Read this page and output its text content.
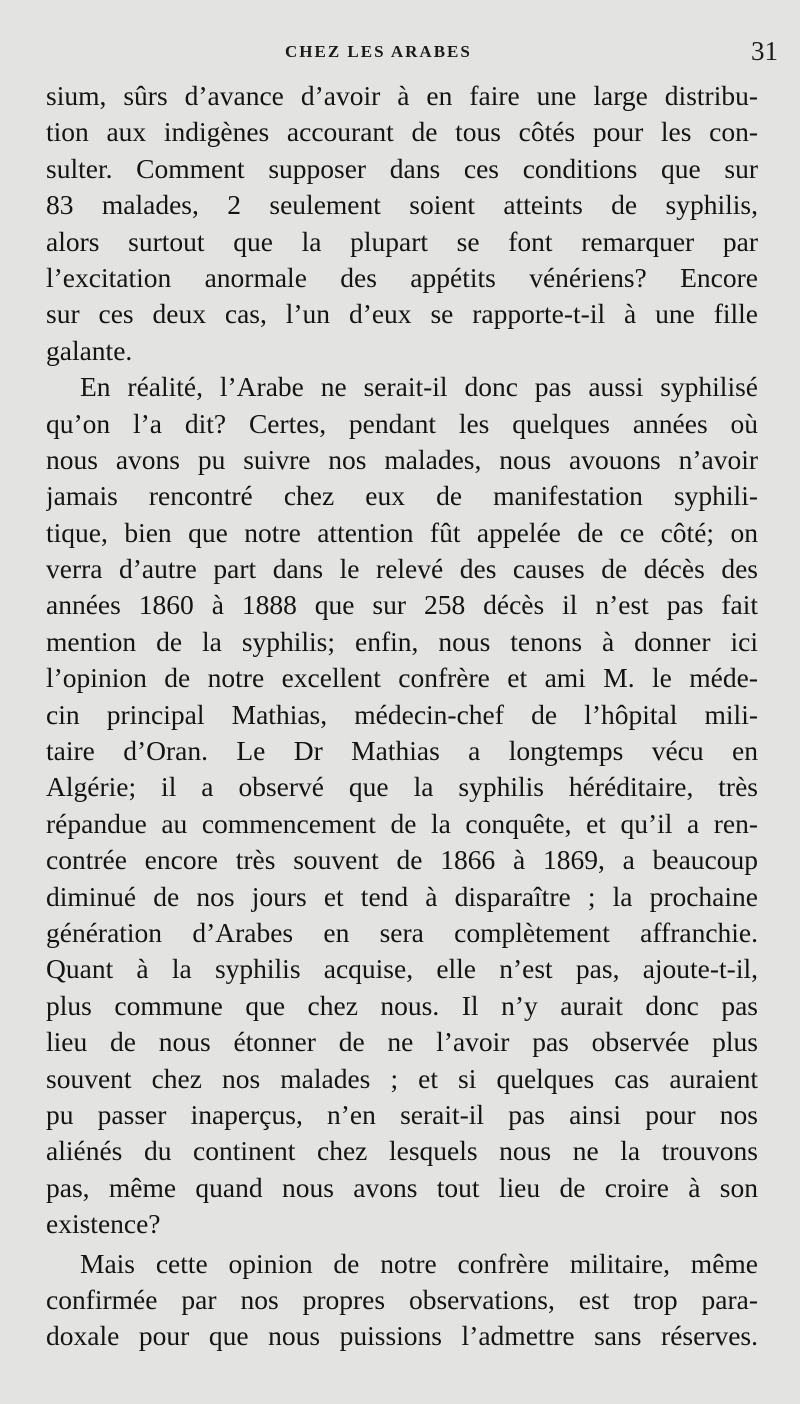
CHEZ LES ARABES	31
sium, sûrs d’avance d’avoir à en faire une large distribu-
tion aux indigènes accourant de tous côtés pour les con-
sulter. Comment supposer dans ces conditions que sur
83 malades, 2 seulement soient atteints de syphilis,
alors surtout que la plupart se font remarquer par
l’excitation anormale des appétits vénériens? Encore
sur ces deux cas, l’un d’eux se rapporte-t-il à une fille
galante.
En réalité, l’Arabe ne serait-il donc pas aussi syphilisé
qu’on l’a dit? Certes, pendant les quelques années où
nous avons pu suivre nos malades, nous avouons n’avoir
jamais rencontré chez eux de manifestation syphili-
tique, bien que notre attention fût appelée de ce côté; on
verra d’autre part dans le relevé des causes de décès des
années 1860 à 1888 que sur 258 décès il n’est pas fait
mention de la syphilis; enfin, nous tenons à donner ici
l’opinion de notre excellent confrère et ami M. le méde-
cin principal Mathias, médecin-chef de l’hôpital mili-
taire d’Oran. Le Dr Mathias a longtemps vécu en
Algérie; il a observé que la syphilis héréditaire, très
répandue au commencement de la conquête, et qu’il a ren-
contrée encore très souvent de 1866 à 1869, a beaucoup
diminué de nos jours et tend à disparaître ; la prochaine
génération d’Arabes en sera complètement affranchie.
Quant à la syphilis acquise, elle n’est pas, ajoute-t-il,
plus commune que chez nous. Il n’y aurait donc pas
lieu de nous étonner de ne l’avoir pas observée plus
souvent chez nos malades ; et si quelques cas auraient
pu passer inaperçus, n’en serait-il pas ainsi pour nos
aliénés du continent chez lesquels nous ne la trouvons
pas, même quand nous avons tout lieu de croire à son
existence?
Mais cette opinion de notre confrère militaire, même
confirmée par nos propres observations, est trop para-
doxale pour que nous puissions l’admettre sans réserves.
